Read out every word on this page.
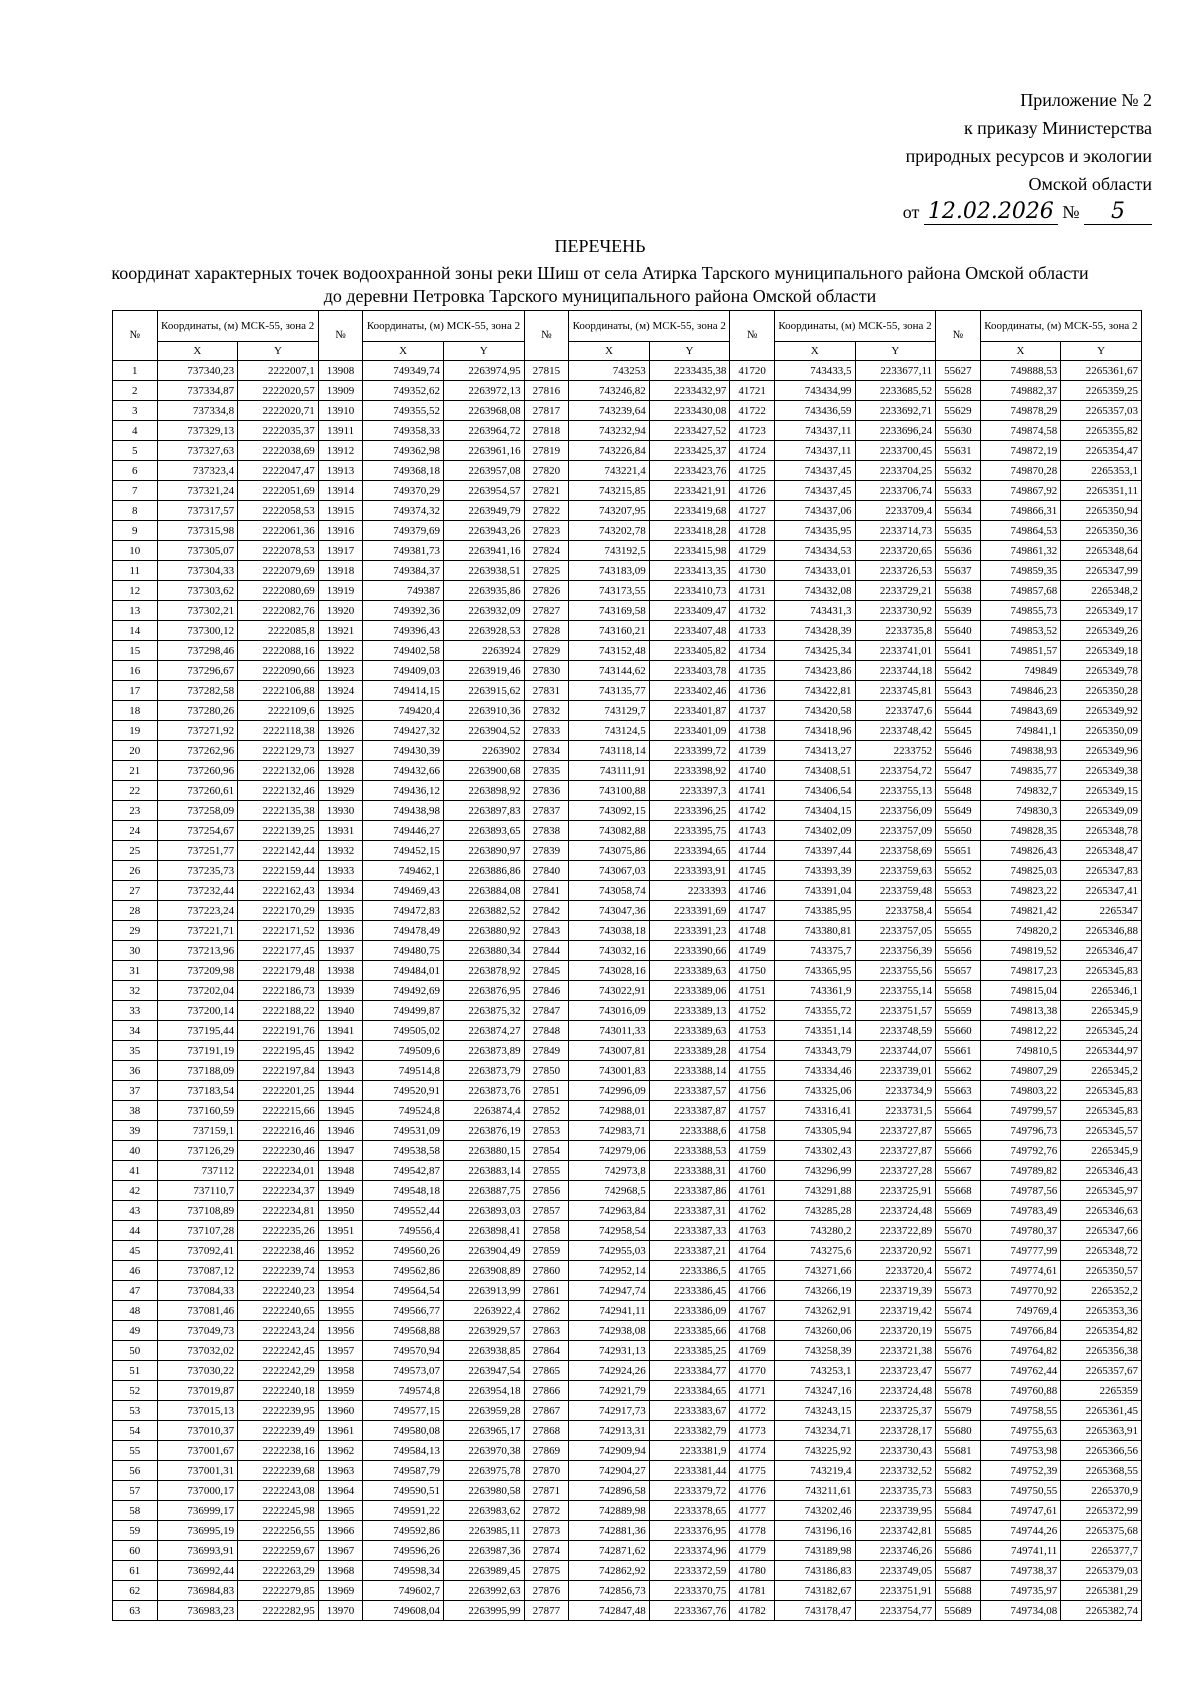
Приложение № 2
к приказу Министерства
природных ресурсов и экологии
Омской области
от 12.02.2026 № 5
ПЕРЕЧЕНЬ
координат характерных точек водоохранной зоны реки Шиш от села Атирка Тарского муниципального района Омской области
до деревни Петровка Тарского муниципального района Омской области
№	Координаты, (м) МСК-55, зона 2		№	Координаты, (м) МСК-55, зона 2		№	Координаты, (м) МСК-55, зона 2		№	Координаты, (м) МСК-55, зона 2		№	Координаты, (м) МСК-55, зона 2	
	X	Y		X	Y		X	Y		X	Y		X	Y
1	737340,23	2222007,1	13908	749349,74	2263974,95	27815	743253	2233435,38	41720	743433,5	2233677,11	55627	749888,53	2265361,67
2	737334,87	2222020,57	13909	749352,62	2263972,13	27816	743246,82	2233432,97	41721	743434,99	2233685,52	55628	749882,37	2265359,25
3	737334,8	2222020,71	13910	749355,52	2263968,08	27817	743239,64	2233430,08	41722	743436,59	2233692,71	55629	749878,29	2265357,03
4	737329,13	2222035,37	13911	749358,33	2263964,72	27818	743232,94	2233427,52	41723	743437,11	2233696,24	55630	749874,58	2265355,82
5	737327,63	2222038,69	13912	749362,98	2263961,16	27819	743226,84	2233425,37	41724	743437,11	2233700,45	55631	749872,19	2265354,47
6	737323,4	2222047,47	13913	749368,18	2263957,08	27820	743221,4	2233423,76	41725	743437,45	2233704,25	55632	749870,28	2265353,1
7	737321,24	2222051,69	13914	749370,29	2263954,57	27821	743215,85	2233421,91	41726	743437,45	2233706,74	55633	749867,92	2265351,11
8	737317,57	2222058,53	13915	749374,32	2263949,79	27822	743207,95	2233419,68	41727	743437,06	2233709,4	55634	749866,31	2265350,94
9	737315,98	2222061,36	13916	749379,69	2263943,26	27823	743202,78	2233418,28	41728	743435,95	2233714,73	55635	749864,53	2265350,36
10	737305,07	2222078,53	13917	749381,73	2263941,16	27824	743192,5	2233415,98	41729	743434,53	2233720,65	55636	749861,32	2265348,64
11	737304,33	2222079,69	13918	749384,37	2263938,51	27825	743183,09	2233413,35	41730	743433,01	2233726,53	55637	749859,35	2265347,99
12	737303,62	2222080,69	13919	749387	2263935,86	27826	743173,55	2233410,73	41731	743432,08	2233729,21	55638	749857,68	2265348,2
13	737302,21	2222082,76	13920	749392,36	2263932,09	27827	743169,58	2233409,47	41732	743431,3	2233730,92	55639	749855,73	2265349,17
14	737300,12	2222085,8	13921	749396,43	2263928,53	27828	743160,21	2233407,48	41733	743428,39	2233735,8	55640	749853,52	2265349,26
15	737298,46	2222088,16	13922	749402,58	2263924	27829	743152,48	2233405,82	41734	743425,34	2233741,01	55641	749851,57	2265349,18
16	737296,67	2222090,66	13923	749409,03	2263919,46	27830	743144,62	2233403,78	41735	743423,86	2233744,18	55642	749849	2265349,78
17	737282,58	2222106,88	13924	749414,15	2263915,62	27831	743135,77	2233402,46	41736	743422,81	2233745,81	55643	749846,23	2265350,28
18	737280,26	2222109,6	13925	749420,4	2263910,36	27832	743129,7	2233401,87	41737	743420,58	2233747,6	55644	749843,69	2265349,92
19	737271,92	2222118,38	13926	749427,32	2263904,52	27833	743124,5	2233401,09	41738	743418,96	2233748,42	55645	749841,1	2265350,09
20	737262,96	2222129,73	13927	749430,39	2263902	27834	743118,14	2233399,72	41739	743413,27	2233752	55646	749838,93	2265349,96
21	737260,96	2222132,06	13928	749432,66	2263900,68	27835	743111,91	2233398,92	41740	743408,51	2233754,72	55647	749835,77	2265349,38
22	737260,61	2222132,46	13929	749436,12	2263898,92	27836	743100,88	2233397,3	41741	743406,54	2233755,13	55648	749832,7	2265349,15
23	737258,09	2222135,38	13930	749438,98	2263897,83	27837	743092,15	2233396,25	41742	743404,15	2233756,09	55649	749830,3	2265349,09
24	737254,67	2222139,25	13931	749446,27	2263893,65	27838	743082,88	2233395,75	41743	743402,09	2233757,09	55650	749828,35	2265348,78
25	737251,77	2222142,44	13932	749452,15	2263890,97	27839	743075,86	2233394,65	41744	743397,44	2233758,69	55651	749826,43	2265348,47
26	737235,73	2222159,44	13933	749462,1	2263886,86	27840	743067,03	2233393,91	41745	743393,39	2233759,63	55652	749825,03	2265347,83
27	737232,44	2222162,43	13934	749469,43	2263884,08	27841	743058,74	2233393	41746	743391,04	2233759,48	55653	749823,22	2265347,41
28	737223,24	2222170,29	13935	749472,83	2263882,52	27842	743047,36	2233391,69	41747	743385,95	2233758,4	55654	749821,42	2265347
29	737221,71	2222171,52	13936	749478,49	2263880,92	27843	743038,18	2233391,23	41748	743380,81	2233757,05	55655	749820,2	2265346,88
30	737213,96	2222177,45	13937	749480,75	2263880,34	27844	743032,16	2233390,66	41749	743375,7	2233756,39	55656	749819,52	2265346,47
31	737209,98	2222179,48	13938	749484,01	2263878,92	27845	743028,16	2233389,63	41750	743365,95	2233755,56	55657	749817,23	2265345,83
32	737202,04	2222186,73	13939	749492,69	2263876,95	27846	743022,91	2233389,06	41751	743361,9	2233755,14	55658	749815,04	2265346,1
33	737200,14	2222188,22	13940	749499,87	2263875,32	27847	743016,09	2233389,13	41752	743355,72	2233751,57	55659	749813,38	2265345,9
34	737195,44	2222191,76	13941	749505,02	2263874,27	27848	743011,33	2233389,63	41753	743351,14	2233748,59	55660	749812,22	2265345,24
35	737191,19	2222195,45	13942	749509,6	2263873,89	27849	743007,81	2233389,28	41754	743343,79	2233744,07	55661	749810,5	2265344,97
36	737188,09	2222197,84	13943	749514,8	2263873,79	27850	743001,83	2233388,14	41755	743334,46	2233739,01	55662	749807,29	2265345,2
37	737183,54	2222201,25	13944	749520,91	2263873,76	27851	742996,09	2233387,57	41756	743325,06	2233734,9	55663	749803,22	2265345,83
38	737160,59	2222215,66	13945	749524,8	2263874,4	27852	742988,01	2233387,87	41757	743316,41	2233731,5	55664	749799,57	2265345,83
39	737159,1	2222216,46	13946	749531,09	2263876,19	27853	742983,71	2233388,6	41758	743305,94	2233727,87	55665	749796,73	2265345,57
40	737126,29	2222230,46	13947	749538,58	2263880,15	27854	742979,06	2233388,53	41759	743302,43	2233727,87	55666	749792,76	2265345,9
41	737112	2222234,01	13948	749542,87	2263883,14	27855	742973,8	2233388,31	41760	743296,99	2233727,28	55667	749789,82	2265346,43
42	737110,7	2222234,37	13949	749548,18	2263887,75	27856	742968,5	2233387,86	41761	743291,88	2233725,91	55668	749787,56	2265345,97
43	737108,89	2222234,81	13950	749552,44	2263893,03	27857	742963,84	2233387,31	41762	743285,28	2233724,48	55669	749783,49	2265346,63
44	737107,28	2222235,26	13951	749556,4	2263898,41	27858	742958,54	2233387,33	41763	743280,2	2233722,89	55670	749780,37	2265347,66
45	737092,41	2222238,46	13952	749560,26	2263904,49	27859	742955,03	2233387,21	41764	743275,6	2233720,92	55671	749777,99	2265348,72
46	737087,12	2222239,74	13953	749562,86	2263908,89	27860	742952,14	2233386,5	41765	743271,66	2233720,4	55672	749774,61	2265350,57
47	737084,33	2222240,23	13954	749564,54	2263913,99	27861	742947,74	2233386,45	41766	743266,19	2233719,39	55673	749770,92	2265352,2
48	737081,46	2222240,65	13955	749566,77	2263922,4	27862	742941,11	2233386,09	41767	743262,91	2233719,42	55674	749769,4	2265353,36
49	737049,73	2222243,24	13956	749568,88	2263929,57	27863	742938,08	2233385,66	41768	743260,06	2233720,19	55675	749766,84	2265354,82
50	737032,02	2222242,45	13957	749570,94	2263938,85	27864	742931,13	2233385,25	41769	743258,39	2233721,38	55676	749764,82	2265356,38
51	737030,22	2222242,29	13958	749573,07	2263947,54	27865	742924,26	2233384,77	41770	743253,1	2233723,47	55677	749762,44	2265357,67
52	737019,87	2222240,18	13959	749574,8	2263954,18	27866	742921,79	2233384,65	41771	743247,16	2233724,48	55678	749760,88	2265359
53	737015,13	2222239,95	13960	749577,15	2263959,28	27867	742917,73	2233383,67	41772	743243,15	2233725,37	55679	749758,55	2265361,45
54	737010,37	2222239,49	13961	749580,08	2263965,17	27868	742913,31	2233382,79	41773	743234,71	2233728,17	55680	749755,63	2265363,91
55	737001,67	2222238,16	13962	749584,13	2263970,38	27869	742909,94	2233381,9	41774	743225,92	2233730,43	55681	749753,98	2265366,56
56	737001,31	2222239,68	13963	749587,79	2263975,78	27870	742904,27	2233381,44	41775	743219,4	2233732,52	55682	749752,39	2265368,55
57	737000,17	2222243,08	13964	749590,51	2263980,58	27871	742896,58	2233379,72	41776	743211,61	2233735,73	55683	749750,55	2265370,9
58	736999,17	2222245,98	13965	749591,22	2263983,62	27872	742889,98	2233378,65	41777	743202,46	2233739,95	55684	749747,61	2265372,99
59	736995,19	2222256,55	13966	749592,86	2263985,11	27873	742881,36	2233376,95	41778	743196,16	2233742,81	55685	749744,26	2265375,68
60	736993,91	2222259,67	13967	749596,26	2263987,36	27874	742871,62	2233374,96	41779	743189,98	2233746,26	55686	749741,11	2265377,7
61	736992,44	2222263,29	13968	749598,34	2263989,45	27875	742862,92	2233372,59	41780	743186,83	2233749,05	55687	749738,37	2265379,03
62	736984,83	2222279,85	13969	749602,7	2263992,63	27876	742856,73	2233370,75	41781	743182,67	2233751,91	55688	749735,97	2265381,29
63	736983,23	2222282,95	13970	749608,04	2263995,99	27877	742847,48	2233367,76	41782	743178,47	2233754,77	55689	749734,08	2265382,74
